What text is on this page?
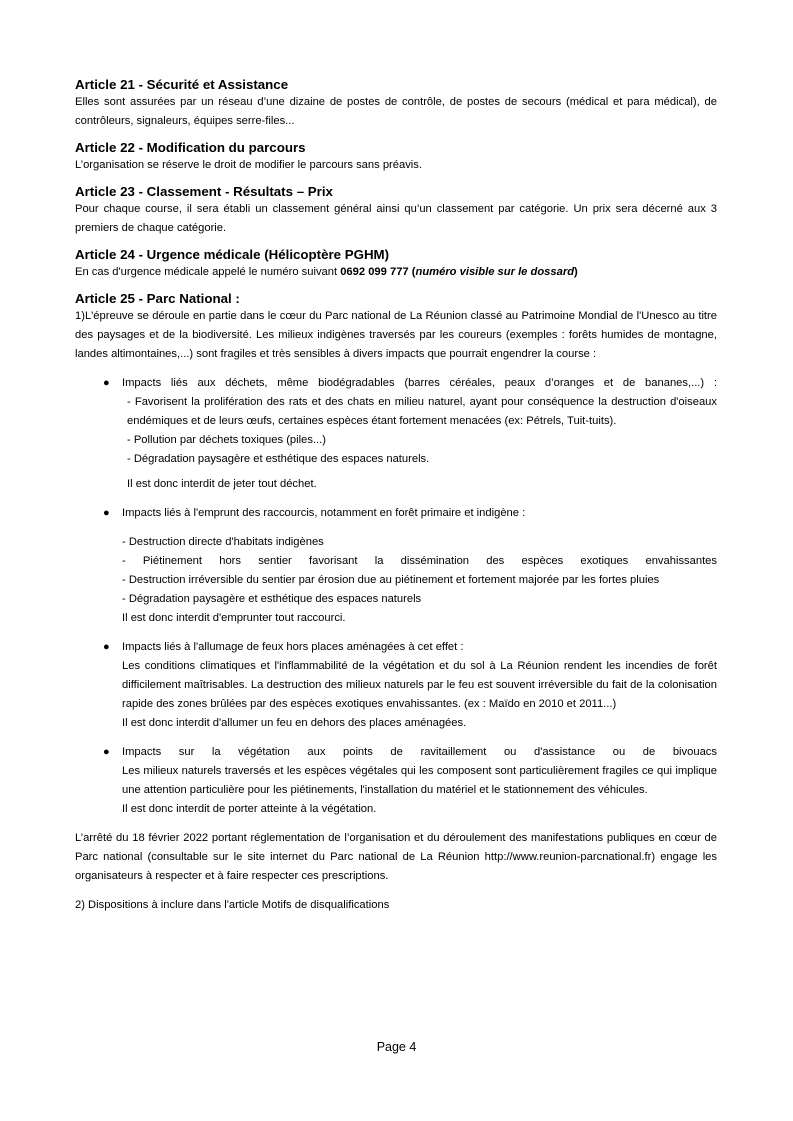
Article 21 - Sécurité et Assistance

Elles sont assurées par un réseau d’une dizaine de postes de contrôle, de postes de secours (médical et para médical), de contrôleurs, signaleurs, équipes serre-files...

Article 22 - Modification du parcours

L’organisation se réserve le droit de modifier le parcours sans préavis.

Article 23 - Classement - Résultats – Prix

Pour chaque course, il sera établi un classement général ainsi qu’un classement par catégorie. Un prix sera décerné aux 3 premiers de chaque catégorie.

Article 24 - Urgence médicale (Hélicoptère PGHM)

En cas d'urgence médicale appelé le numéro suivant 0692 099 777 (numéro visible sur le dossard)

Article 25 - Parc National :

1)L'épreuve se déroule en partie dans le cœur du Parc national de La Réunion classé au Patrimoine Mondial de l'Unesco au titre des paysages et de la biodiversité. Les milieux indigènes traversés par les coureurs (exemples : forêts humides de montagne, landes altimontaines,...) sont fragiles et très sensibles à divers impacts que pourrait engendrer la course :

● Impacts liés aux déchets, même biodégradables (barres céréales, peaux d’oranges et de bananes,...) :

- Favorisent la prolifération des rats et des chats en milieu naturel, ayant pour conséquence la destruction d'oiseaux endémiques et de leurs œufs, certaines espèces étant fortement menacées (ex: Pétrels, Tuit-tuits).

- Pollution par déchets toxiques (piles...)

- Dégradation paysagère et esthétique des espaces naturels.

Il est donc interdit de jeter tout déchet.

● Impacts liés à l'emprunt des raccourcis, notamment en forêt primaire et indigène :

- Destruction directe d'habitats indigènes

- Piétinement hors sentier favorisant la dissémination des espèces exotiques envahissantes

- Destruction irréversible du sentier par érosion due au piétinement et fortement majorée par les fortes pluies

- Dégradation paysagère et esthétique des espaces naturels

Il est donc interdit d'emprunter tout raccourci.

● Impacts liés à l'allumage de feux hors places aménagées à cet effet :

Les conditions climatiques et l'inflammabilité de la végétation et du sol à La Réunion rendent les incendies de forêt difficilement maîtrisables. La destruction des milieux naturels par le feu est souvent irréversible du fait de la colonisation rapide des zones brûlées par des espèces exotiques envahissantes. (ex : Maïdo en 2010 et 2011...)

Il est donc interdit d'allumer un feu en dehors des places aménagées.

● Impacts sur la végétation aux points de ravitaillement ou d'assistance ou de bivouacs

Les milieux naturels traversés et les espèces végétales qui les composent sont particulièrement fragiles ce qui implique une attention particulière pour les piétinements, l'installation du matériel et le stationnement des véhicules.

Il est donc interdit de porter atteinte à la végétation.

L’arrêté du 18 février 2022 portant réglementation de l’organisation et du déroulement des manifestations publiques en cœur de Parc national (consultable sur le site internet du Parc national de La Réunion http://www.reunion-parcnational.fr) engage les organisateurs à respecter et à faire respecter ces prescriptions.

2) Dispositions à inclure dans l'article Motifs de disqualifications

Page 4
